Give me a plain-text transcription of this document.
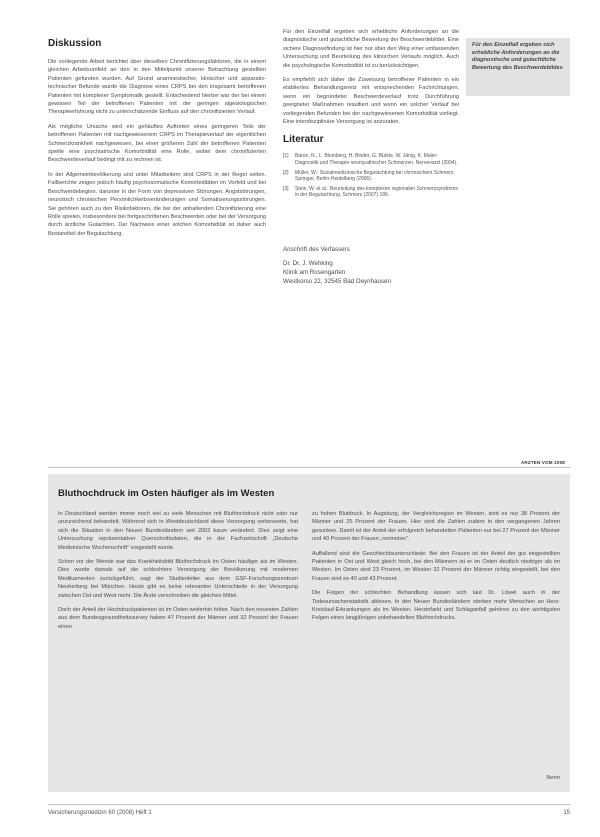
Diskussion

Die vorliegende Arbeit berichtet über dieselben Chronifizierungsfaktoren, die in einem gleichen Arbeitsumfeld an den in den Mittelpunkt unserer Betrachtung gestellten Patienten gefunden wurden. Auf Grund anamnestischer, klinischer und apparativ-technischer Befunde wurde die Diagnose eines CRPS bei den insgesamt betroffenen Patienten mit komplexer Symptomatik gestellt. Entscheidend hierbei war der bei einem gewissen Teil der betroffenen Patienten mit der geringen algesiologischen Therapieerfahrung nicht zu unterschätzende Einfluss auf den chronifizierten Verlauf.

Als mögliche Ursache wird ein gehäuftes Auftreten eines geringeren Teils der betroffenen Patienten mit nachgewiesenem CRPS im Therapieverlauf der eigentlichen Schmerzkrankheit nachgewiesen, bei einer größeren Zahl der betroffenen Patienten spielte eine psychiatrische Komorbidität eine Rolle, wobei dem chronifizierten Beschwerdeverlauf bedingt mit zu rechnen ist.

In der Allgemeinbevölkerung und unter Mitarbeitern sind CRPS in der Regel selten. Fallberichte zeigen jedoch häufig psychosomatische Komorbiditäten im Vorfeld und bei Beschwerdebeginn, darunter in der Form von depressiven Störungen, Angststörungen, neurotisch chronischen Persönlichkeitsveränderungen und Somatisierungsstörungen. Sie gehören auch zu den Risikofaktoren, die bei der anhaltenden Chronifizierung eine Rolle spielen, insbesondere bei fortgeschrittenen Beschwerden oder bei der Versorgung durch ärztliche Gutachten. Der Nachweis einer solchen Komorbidität ist daher auch Bestandteil der Begutachtung.

Für den Einzelfall ergeben sich erhebliche Anforderungen an die diagnostische und gutachtliche Bewertung der Beschwerdebilder. Eine sichere Diagnosefindung ist hier nur über den Weg einer umfassenden Untersuchung und Beurteilung des klinischen Verlaufs möglich. Auch die psychologische Komorbidität ist zu berücksichtigen.

Es empfiehlt sich daher die Zuweisung betroffener Patienten in ein etabliertes Behandlungsnetz mit entsprechenden Fachrichtungen, wenn ein begründeter Beschwerdeverlauf trotz Durchführung geeigneter Maßnahmen resultiert und wenn ein solcher Verlauf bei vorliegenden Befunden bei der nachgewiesenen Komorbidität vorliegt. Eine interdisziplinäre Versorgung ist anzuraten.

Literatur
[1]	Baron, R., L. Blumberg, H. Binder, G. Bürkle, W. Jänig, K. Maier: Diagnostik und Therapie neuropathischer Schmerzen. Nervenarzt (2004).
[2]	Müller, W.: Sozialmedizinische Begutachtung bei chronischem Schmerz. Springer, Berlin-Heidelberg (2006).
[3]	Stein, W. et al.: Beurteilung des komplexen regionalen Schmerzsyndroms in der Begutachtung. Schmerz (2007) 186.
Anschrift des Verfassers
Dr. Dr. J. Wehking
Klinik am Rosengarten
Westkorso 22, 32545 Bad Oeynhausen
Für den Einzelfall ergeben sich erhebliche Anforderungen an die diagnostische und gutachtliche Bewertung des Beschwerdebildes
ARZTEN VOM 2008
Bluthochdruck im Osten häufiger als im Westen

In Deutschland werden immer noch viel zu viele Menschen mit Bluthochdruck nicht oder nur unzureichend behandelt. Während sich in Westdeutschland diese Versorgung verbesserte, hat sich die Situation in den Neuen Bundesländern seit 2002 kaum verändert. Dies zeigt eine Untersuchung repräsentativer Querschnittsdaten, die in der Fachzeitschrift „Deutsche Medizinische Wochenschrift“ vorgestellt wurde.

Schon vor der Wende war das Krankheitsbild Bluthochdruck im Osten häufiger als im Westen. Dies wurde damals auf die schlechtere Versorgung der Bevölkerung mit modernen Medikamenten zurückgeführt, sagt der Studienleiter aus dem GSF-Forschungszentrum Neuherberg bei München. Heute gibt es keine relevanten Unterschiede in der Versorgung zwischen Ost und West mehr. Die Ärzte verschreiben die gleichen Mittel.

Doch der Anteil der Hochdruckpatienten ist im Osten weiterhin höher. Nach den neuesten Zahlen aus dem Bundesgesundheitssurvey haben 47 Prozent der Männer und 32 Prozent der Frauen einen

zu hohen Blutdruck. In Augsburg, der Vergleichsregion im Westen, sind es nur 38 Prozent der Männer und 25 Prozent der Frauen. Hier sind die Zahlen zudem in den vergangenen Jahren gesunken. Damit ist der Anteil der erfolgreich behandelten Patienten nur bei 27 Prozent der Männer und 40 Prozent der Frauen „normoton“.

Auffallend sind die Geschlechtsunterschiede: Bei den Frauen ist der Anteil der gut eingestellten Patienten in Ost und West gleich hoch, bei den Männern ist er im Osten deutlich niedriger als im Westen. Im Osten sind 23 Prozent, im Westen 32 Prozent der Männer richtig eingestellt, bei den Frauen sind es 40 und 43 Prozent.

Die Folgen der schlechten Behandlung lassen sich laut Dr. Löwel auch in der Todesursachenstatistik ablesen. In den Neuen Bundesländern sterben mehr Menschen an Herz-Kreislauf-Erkrankungen als im Westen. Herzinfarkt und Schlaganfall gehören zu den wichtigsten Folgen eines langjährigen unbehandelten Bluthochdrucks.

Nerm
Versicherungsmedizin 60 (2008) Heft 1	15
